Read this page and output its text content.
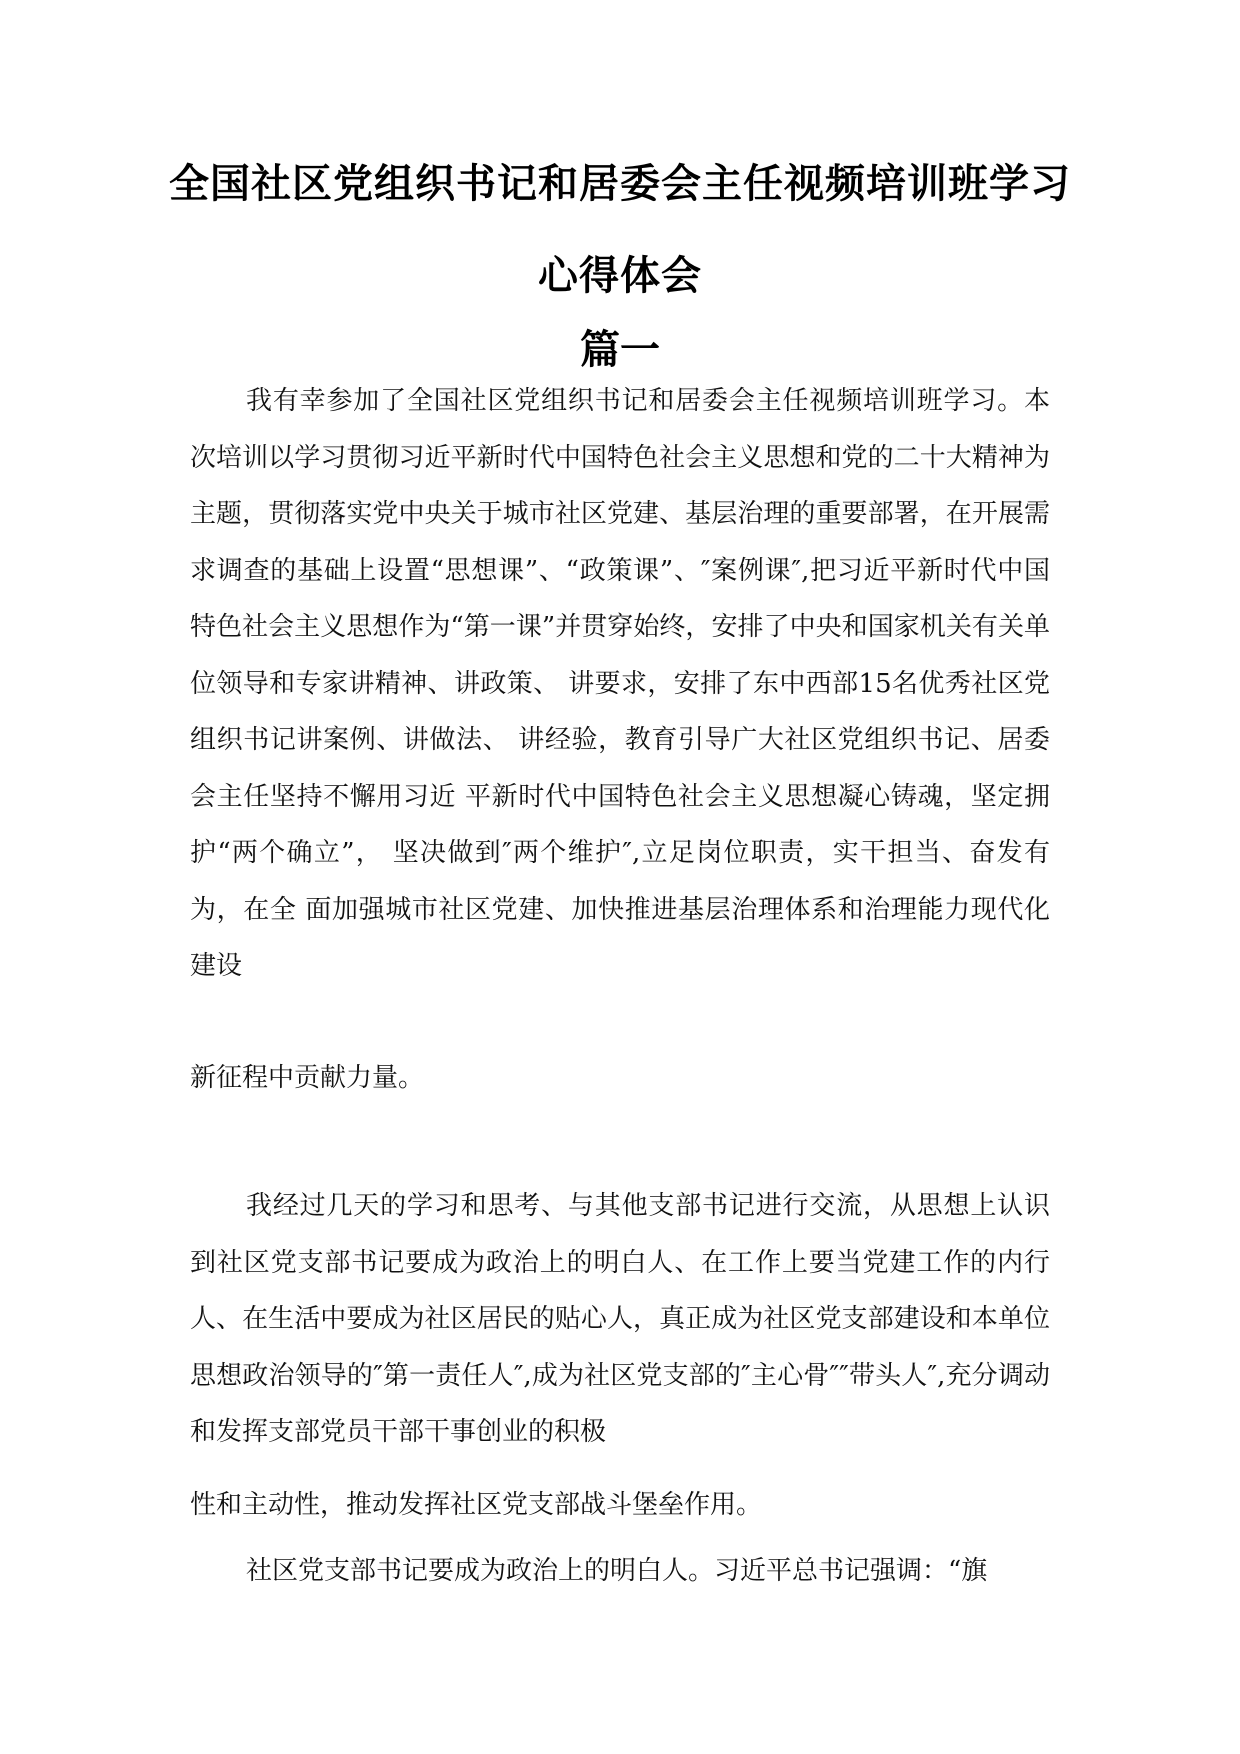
全国社区党组织书记和居委会主任视频培训班学习
心得体会
篇一

我有幸参加了全国社区党组织书记和居委会主任视频培训班学习。本次培训以学习贯彻习近平新时代中国特色社会主义思想和党的二十大精神为主题，贯彻落实党中央关于城市社区党建、基层治理的重要部署，在开展需求调查的基础上设置“思想课”、“政策课”、″案例课″,把习近平新时代中国特色社会主义思想作为“第一课”并贯穿始终，安排了中央和国家机关有关单位领导和专家讲精神、讲政策、 讲要求，安排了东中西部15名优秀社区党组织书记讲案例、讲做法、 讲经验，教育引导广大社区党组织书记、居委会主任坚持不懈用习近 平新时代中国特色社会主义思想凝心铸魂，坚定拥护“两个确立”， 坚决做到″两个维护″,立足岗位职责，实干担当、奋发有为，在全 面加强城市社区党建、加快推进基层治理体系和治理能力现代化建设

新征程中贡献力量。

我经过几天的学习和思考、与其他支部书记进行交流，从思想上认识到社区党支部书记要成为政治上的明白人、在工作上要当党建工作的内行人、在生活中要成为社区居民的贴心人，真正成为社区党支部建设和本单位思想政治领导的″第一责任人″,成为社区党支部的″主心骨″″带头人″,充分调动和发挥支部党员干部干事创业的积极

性和主动性，推动发挥社区党支部战斗堡垒作用。

社区党支部书记要成为政治上的明白人。习近平总书记强调：“旗
